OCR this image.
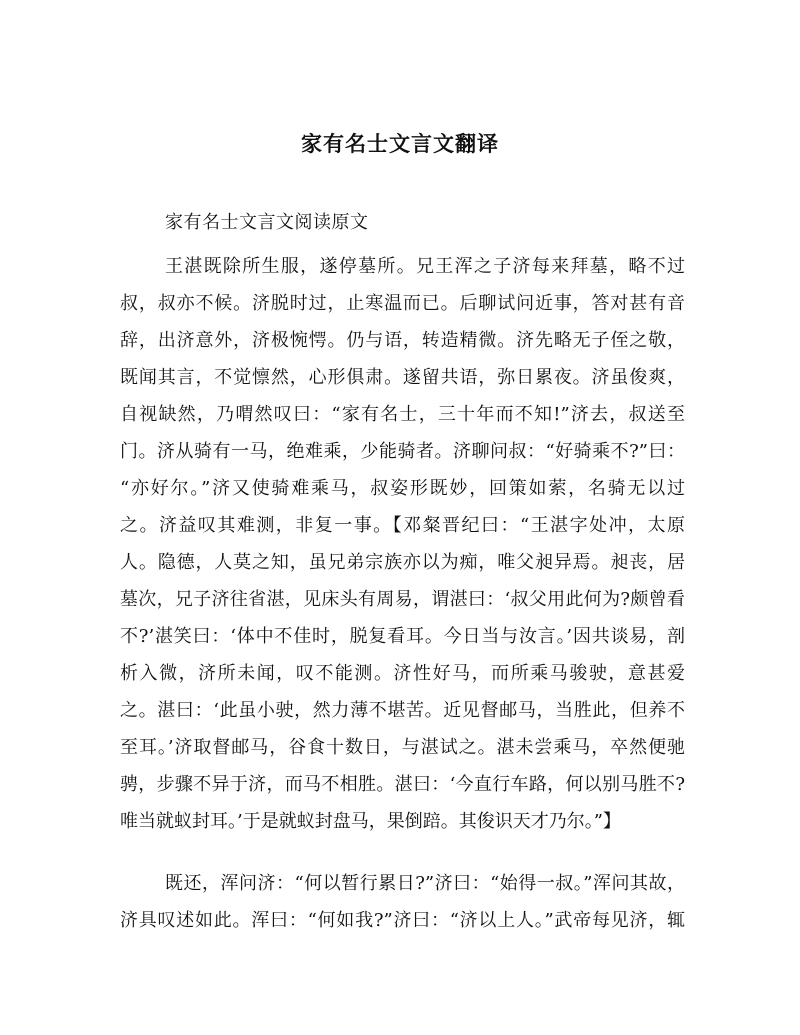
家有名士文言文翻译
家有名士文言文阅读原文
王湛既除所生服，遂停墓所。兄王浑之子济每来拜墓，略不过
叔，叔亦不候。济脱时过，止寒温而已。后聊试问近事，答对甚有音
辞，出济意外，济极惋愕。仍与语，转造精微。济先略无子侄之敬，
既闻其言，不觉懔然，心形俱肃。遂留共语，弥日累夜。济虽俊爽，
自视缺然，乃喟然叹曰：“家有名士，三十年而不知!”济去，叔送至
门。济从骑有一马，绝难乘，少能骑者。济聊问叔：“好骑乘不?”曰：
“亦好尔。”济又使骑难乘马，叔姿形既妙，回策如萦，名骑无以过
之。济益叹其难测，非复一事。【邓粲晋纪曰：“王湛字处冲，太原
人。隐德，人莫之知，虽兄弟宗族亦以为痴，唯父昶异焉。昶丧，居
墓次，兄子济往省湛，见床头有周易，谓湛曰：‘叔父用此何为?颇曾看
不?’湛笑曰：‘体中不佳时，脱复看耳。今日当与汝言。’因共谈易，剖
析入微，济所未闻，叹不能测。济性好马，而所乘马骏驶，意甚爱
之。湛曰：‘此虽小驶，然力薄不堪苦。近见督邮马，当胜此，但养不
至耳。’济取督邮马，谷食十数日，与湛试之。湛未尝乘马，卒然便驰
骋，步骤不异于济，而马不相胜。湛曰：‘今直行车路，何以别马胜不?
唯当就蚁封耳。’于是就蚁封盘马，果倒踣。其俊识天才乃尔。”】
既还，浑问济：“何以暂行累日?”济曰：“始得一叔。”浑问其故，
济具叹述如此。浑曰：“何如我?”济曰：“济以上人。”武帝每见济，辄
